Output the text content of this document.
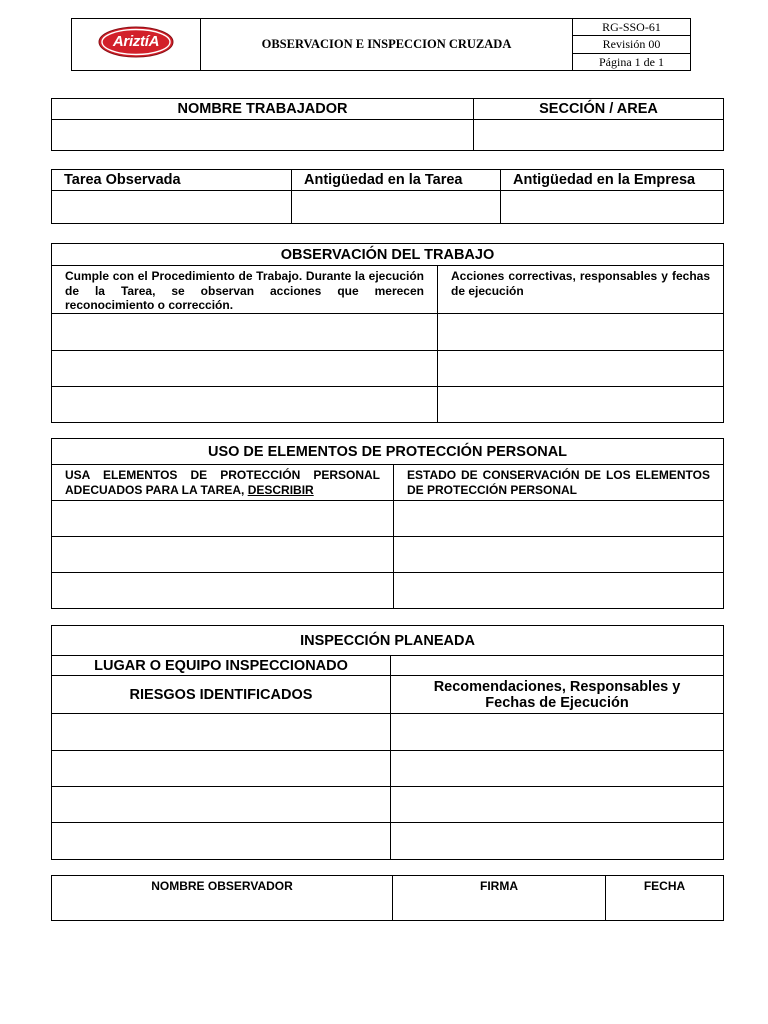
AriztíA	OBSERVACION E INSPECCION CRUZADA	RG-SSO-61
Revisión 00
Página 1 de 1
NOMBRE TRABAJADOR	SECCIÓN / AREA

Tarea Observada	Antigüedad en la Tarea	Antigüedad en la Empresa

OBSERVACIÓN DEL TRABAJO	
Cumple con el Procedimiento de Trabajo. Durante la ejecución de la Tarea, se observan acciones que merecen reconocimiento o corrección.	Acciones correctivas, responsables y fechas de ejecución

USO DE ELEMENTOS DE PROTECCIÓN PERSONAL	
USA ELEMENTOS DE PROTECCIÓN PERSONAL ADECUADOS PARA LA TAREA, DESCRIBIR	ESTADO DE CONSERVACIÓN DE LOS ELEMENTOS DE PROTECCIÓN PERSONAL

INSPECCIÓN PLANEADA	
LUGAR O EQUIPO INSPECCIONADO	
RIESGOS IDENTIFICADOS	Recomendaciones, Responsables y Fechas de Ejecución

NOMBRE OBSERVADOR	FIRMA	FECHA
